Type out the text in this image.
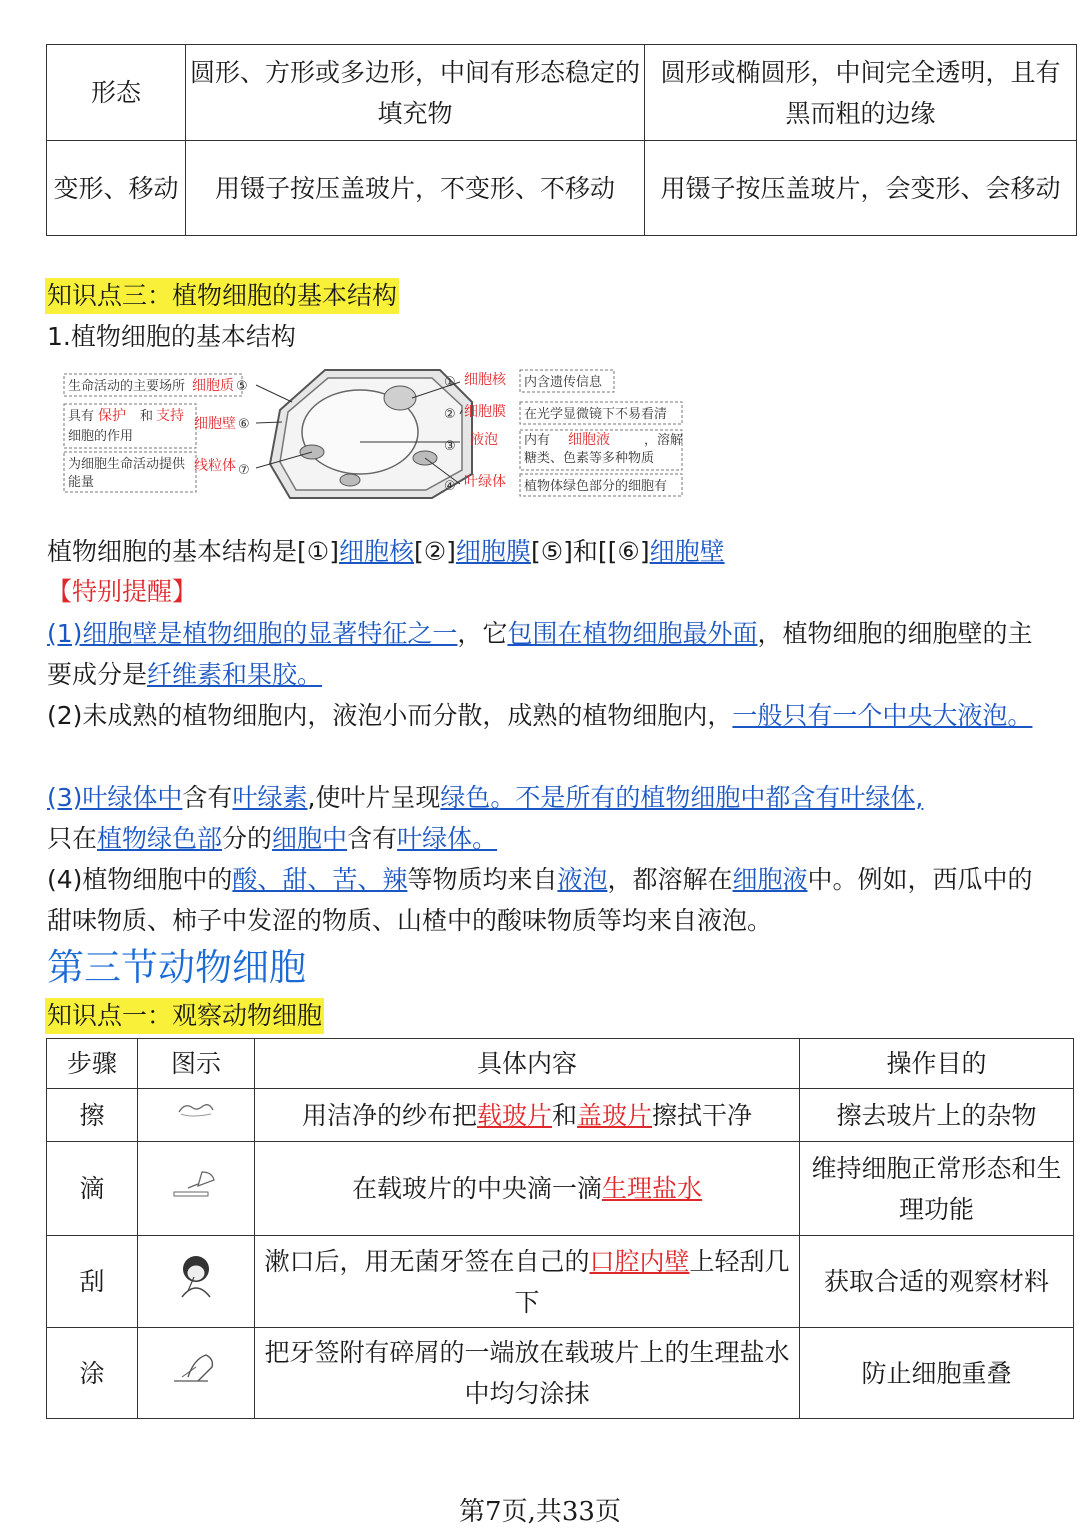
形态	圆形、方形或多边形，中间有形态稳定的填充物	圆形或椭圆形，中间完全透明，且有黑而粗的边缘
变形、移动	用镊子按压盖玻片，不变形、不移动	用镊子按压盖玻片，会变形、会移动
知识点三：植物细胞的基本结构
1.植物细胞的基本结构
生命活动的主要场所 细胞质 ⑤
具有 保护 和 支持
细胞的作用
细胞壁 ⑥
为细胞生命活动提供
能量
线粒体 ⑦
① 细胞核 内含遗传信息
② 细胞膜 在光学显微镜下不易看清
③ 液泡 内有 细胞液	，溶解
糖类、色素等多种物质
④ 叶绿体 植物体绿色部分的细胞有
植物细胞的基本结构是[①]细胞核[②]细胞膜[⑤]和[[⑥]细胞壁
【特别提醒】
(1)细胞壁是植物细胞的显著特征之一，它包围在植物细胞最外面，植物细胞的细胞壁的主要成分是纤维素和果胶。
(2)未成熟的植物细胞内，液泡小而分散，成熟的植物细胞内，一般只有一个中央大液泡。
(3)叶绿体中含有叶绿素,使叶片呈现绿色。不是所有的植物细胞中都含有叶绿体,
只在植物绿色部分的细胞中含有叶绿体。
(4)植物细胞中的酸、甜、苦、辣等物质均来自液泡，都溶解在细胞液中。例如，西瓜中的甜味物质、柿子中发涩的物质、山楂中的酸味物质等均来自液泡。
第三节动物细胞
知识点一：观察动物细胞
步骤	图示	具体内容	操作目的
擦		用洁净的纱布把载玻片和盖玻片擦拭干净	擦去玻片上的杂物
滴		在载玻片的中央滴一滴生理盐水	维持细胞正常形态和生理功能
刮		漱口后，用无菌牙签在自己的口腔内壁上轻刮几下	获取合适的观察材料
涂		把牙签附有碎屑的一端放在载玻片上的生理盐水中均匀涂抹	防止细胞重叠
第7页,共33页
